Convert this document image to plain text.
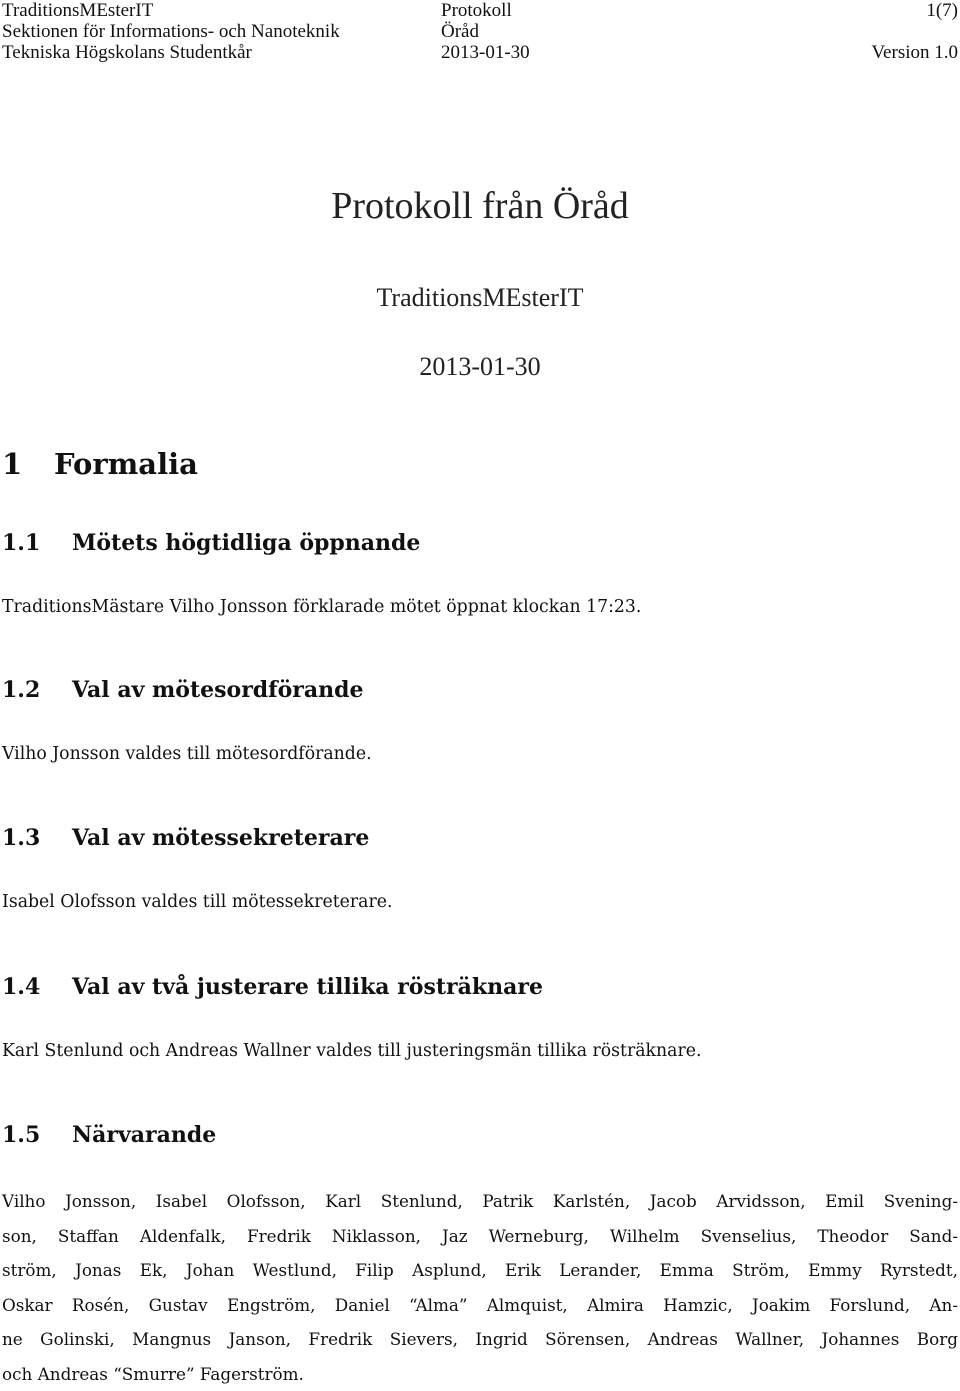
TraditionsMEsterIT	Protokoll	1(7)
Sektionen för Informations- och Nanoteknik	Öråd
Tekniska Högskolans Studentkår	2013-01-30	Version 1.0
Protokoll från Öråd
TraditionsMEsterIT
2013-01-30
1 Formalia
1.1 Mötets högtidliga öppnande
TraditionsMästare Vilho Jonsson förklarade mötet öppnat klockan 17:23.
1.2 Val av mötesordförande
Vilho Jonsson valdes till mötesordförande.
1.3 Val av mötessekreterare
Isabel Olofsson valdes till mötessekreterare.
1.4 Val av två justerare tillika rösträknare
Karl Stenlund och Andreas Wallner valdes till justeringsmän tillika rösträknare.
1.5 Närvarande
Vilho Jonsson, Isabel Olofsson, Karl Stenlund, Patrik Karlstén, Jacob Arvidsson, Emil Svening-
son, Staffan Aldenfalk, Fredrik Niklasson, Jaz Werneburg, Wilhelm Svenselius, Theodor Sand-
ström, Jonas Ek, Johan Westlund, Filip Asplund, Erik Lerander, Emma Ström, Emmy Ryrstedt,
Oskar Rosén, Gustav Engström, Daniel “Alma” Almquist, Almira Hamzic, Joakim Forslund, An-
ne Golinski, Mangnus Janson, Fredrik Sievers, Ingrid Sörensen, Andreas Wallner, Johannes Borg
och Andreas “Smurre” Fagerström.
